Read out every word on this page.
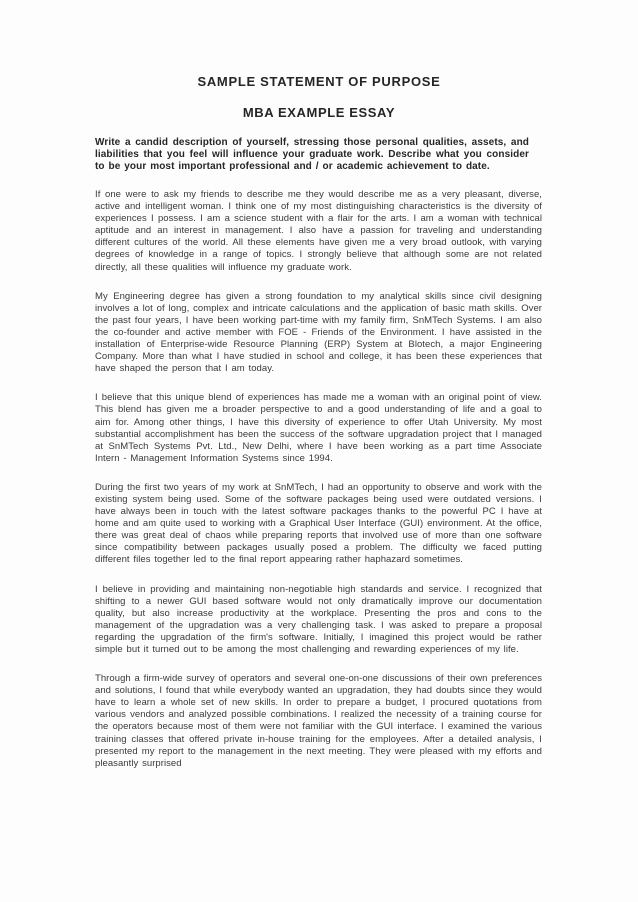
SAMPLE STATEMENT OF PURPOSE
MBA EXAMPLE ESSAY

Write a candid description of yourself, stressing those personal qualities, assets, and liabilities that you feel will influence your graduate work. Describe what you consider to be your most important professional and / or academic achievement to date.

If one were to ask my friends to describe me they would describe me as a very pleasant, diverse, active and intelligent woman. I think one of my most distinguishing characteristics is the diversity of experiences I possess. I am a science student with a flair for the arts. I am a woman with technical aptitude and an interest in management. I also have a passion for traveling and understanding different cultures of the world. All these elements have given me a very broad outlook, with varying degrees of knowledge in a range of topics. I strongly believe that although some are not related directly, all these qualities will influence my graduate work.

My Engineering degree has given a strong foundation to my analytical skills since civil designing involves a lot of long, complex and intricate calculations and the application of basic math skills. Over the past four years, I have been working part-time with my family firm, SnMTech Systems. I am also the co-founder and active member with FOE - Friends of the Environment. I have assisted in the installation of Enterprise-wide Resource Planning (ERP) System at Blotech, a major Engineering Company. More than what I have studied in school and college, it has been these experiences that have shaped the person that I am today.

I believe that this unique blend of experiences has made me a woman with an original point of view. This blend has given me a broader perspective to and a good understanding of life and a goal to aim for. Among other things, I have this diversity of experience to offer Utah University. My most substantial accomplishment has been the success of the software upgradation project that I managed at SnMTech Systems Pvt. Ltd., New Delhi, where I have been working as a part time Associate Intern - Management Information Systems since 1994.

During the first two years of my work at SnMTech, I had an opportunity to observe and work with the existing system being used. Some of the software packages being used were outdated versions. I have always been in touch with the latest software packages thanks to the powerful PC I have at home and am quite used to working with a Graphical User Interface (GUI) environment. At the office, there was great deal of chaos while preparing reports that involved use of more than one software since compatibility between packages usually posed a problem. The difficulty we faced putting different files together led to the final report appearing rather haphazard sometimes.

I believe in providing and maintaining non-negotiable high standards and service. I recognized that shifting to a newer GUI based software would not only dramatically improve our documentation quality, but also increase productivity at the workplace. Presenting the pros and cons to the management of the upgradation was a very challenging task. I was asked to prepare a proposal regarding the upgradation of the firm's software. Initially, I imagined this project would be rather simple but it turned out to be among the most challenging and rewarding experiences of my life.

Through a firm-wide survey of operators and several one-on-one discussions of their own preferences and solutions, I found that while everybody wanted an upgradation, they had doubts since they would have to learn a whole set of new skills. In order to prepare a budget, I procured quotations from various vendors and analyzed possible combinations. I realized the necessity of a training course for the operators because most of them were not familiar with the GUI interface. I examined the various training classes that offered private in-house training for the employees. After a detailed analysis, I presented my report to the management in the next meeting. They were pleased with my efforts and pleasantly surprised
